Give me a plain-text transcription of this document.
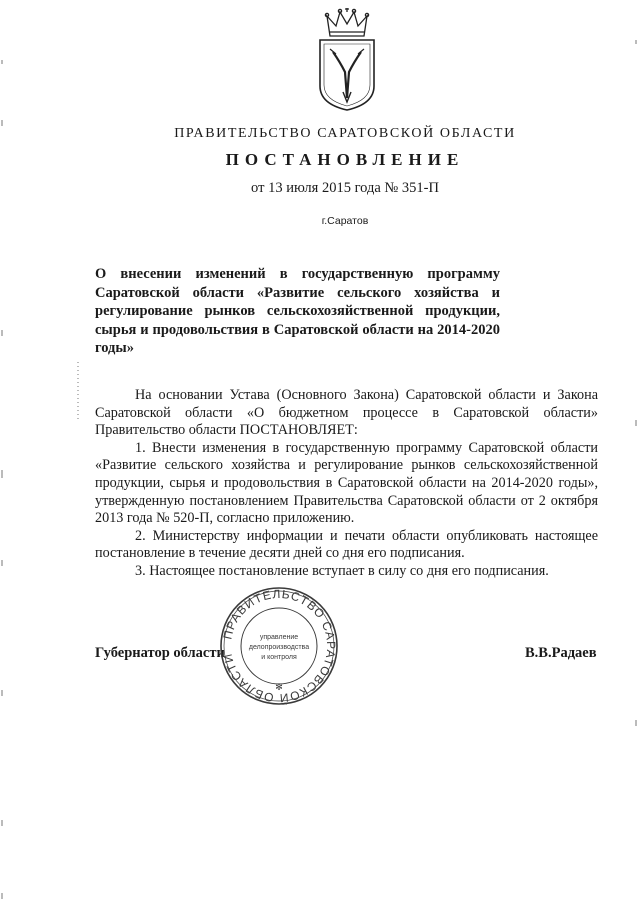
ПРАВИТЕЛЬСТВО САРАТОВСКОЙ ОБЛАСТИ
ПОСТАНОВЛЕНИЕ
от 13 июля 2015 года № 351-П
г.Саратов
О внесении изменений в государственную программу Саратовской области «Развитие сельского хозяйства и регулирование рынков сельскохозяйственной продукции, сырья и продовольствия в Саратовской области на 2014-2020 годы»

На основании Устава (Основного Закона) Саратовской области и Закона Саратовской области «О бюджетном процессе в Саратовской области» Правительство области ПОСТАНОВЛЯЕТ:

1. Внести изменения в государственную программу Саратовской области «Развитие сельского хозяйства и регулирование рынков сельскохозяйственной продукции, сырья и продовольствия в Саратовской области на 2014-2020 годы», утвержденную постановлением Правительства Саратовской области от 2 октября 2013 года № 520-П, согласно приложению.

2. Министерству информации и печати области опубликовать настоящее постановление в течение десяти дней со дня его подписания.

3. Настоящее постановление вступает в силу со дня его подписания.

Губернатор области	В.В.Радаев
ПРАВИТЕЛЬСТВО САРАТОВСКОЙ ОБЛАСТИ
управление
делопроизводства
и контроля
✻
